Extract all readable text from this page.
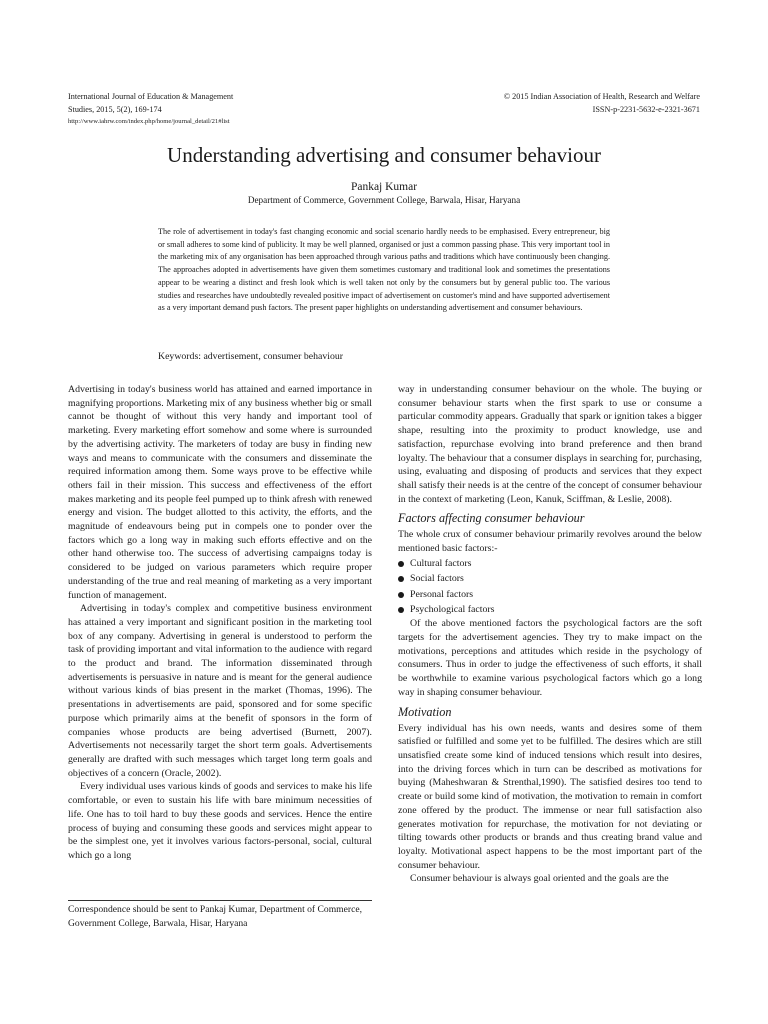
International Journal of Education & Management
Studies, 2015, 5(2), 169-174
http://www.iahrw.com/index.php/home/journal_detail/21#list
© 2015 Indian Association of Health, Research and Welfare
ISSN-p-2231-5632-e-2321-3671
Understanding advertising and consumer behaviour
Pankaj Kumar
Department of Commerce, Government College, Barwala, Hisar, Haryana
The role of advertisement in today's fast changing economic and social scenario hardly needs to be emphasised. Every entrepreneur, big or small adheres to some kind of publicity. It may be well planned, organised or just a common passing phase. This very important tool in the marketing mix of any organisation has been approached through various paths and traditions which have continuously been changing. The approaches adopted in advertisements have given them sometimes customary and traditional look and sometimes the presentations appear to be wearing a distinct and fresh look which is well taken not only by the consumers but by general public too. The various studies and researches have undoubtedly revealed positive impact of advertisement on customer's mind and have supported advertisement as a very important demand push factors. The present paper highlights on understanding advertisement and consumer behaviours.
Keywords: advertisement, consumer behaviour

Advertising in today's business world has attained and earned importance in magnifying proportions. Marketing mix of any business whether big or small cannot be thought of without this very handy and important tool of marketing. Every marketing effort somehow and some where is surrounded by the advertising activity. The marketers of today are busy in finding new ways and means to communicate with the consumers and disseminate the required information among them. Some ways prove to be effective while others fail in their mission. This success and effectiveness of the effort makes marketing and its people feel pumped up to think afresh with renewed energy and vision. The budget allotted to this activity, the efforts, and the magnitude of endeavours being put in compels one to ponder over the factors which go a long way in making such efforts effective and on the other hand otherwise too. The success of advertising campaigns today is considered to be judged on various parameters which require proper understanding of the true and real meaning of marketing as a very important function of management.

Advertising in today's complex and competitive business environment has attained a very important and significant position in the marketing tool box of any company. Advertising in general is understood to perform the task of providing important and vital information to the audience with regard to the product and brand. The information disseminated through advertisements is persuasive in nature and is meant for the general audience without various kinds of bias present in the market (Thomas, 1996). The presentations in advertisements are paid, sponsored and for some specific purpose which primarily aims at the benefit of sponsors in the form of companies whose products are being advertised (Burnett, 2007). Advertisements not necessarily target the short term goals. Advertisements generally are drafted with such messages which target long term goals and objectives of a concern (Oracle, 2002).

Every individual uses various kinds of goods and services to make his life comfortable, or even to sustain his life with bare minimum necessities of life. One has to toil hard to buy these goods and services. Hence the entire process of buying and consuming these goods and services might appear to be the simplest one, yet it involves various factors-personal, social, cultural which go a long

way in understanding consumer behaviour on the whole. The buying or consumer behaviour starts when the first spark to use or consume a particular commodity appears. Gradually that spark or ignition takes a bigger shape, resulting into the proximity to product knowledge, use and satisfaction, repurchase evolving into brand preference and then brand loyalty. The behaviour that a consumer displays in searching for, purchasing, using, evaluating and disposing of products and services that they expect shall satisfy their needs is at the centre of the concept of consumer behaviour in the context of marketing (Leon, Kanuk, Sciffman, & Leslie, 2008).

Factors affecting consumer behaviour

The whole crux of consumer behaviour primarily revolves around the below mentioned basic factors:-

Cultural factors
Social factors
Personal factors
Psychological factors

Of the above mentioned factors the psychological factors are the soft targets for the advertisement agencies. They try to make impact on the motivations, perceptions and attitudes which reside in the psychology of consumers. Thus in order to judge the effectiveness of such efforts, it shall be worthwhile to examine various psychological factors which go a long way in shaping consumer behaviour.

Motivation

Every individual has his own needs, wants and desires some of them satisfied or fulfilled and some yet to be fulfilled. The desires which are still unsatisfied create some kind of induced tensions which result into desires, into the driving forces which in turn can be described as motivations for buying (Maheshwaran & Strenthal,1990). The satisfied desires too tend to create or build some kind of motivation, the motivation to remain in comfort zone offered by the product. The immense or near full satisfaction also generates motivation for repurchase, the motivation for not deviating or tilting towards other products or brands and thus creating brand value and loyalty. Motivational aspect happens to be the most important part of the consumer behaviour.

Consumer behaviour is always goal oriented and the goals are the

Correspondence should be sent to Pankaj Kumar, Department of Commerce, Government College, Barwala, Hisar, Haryana
